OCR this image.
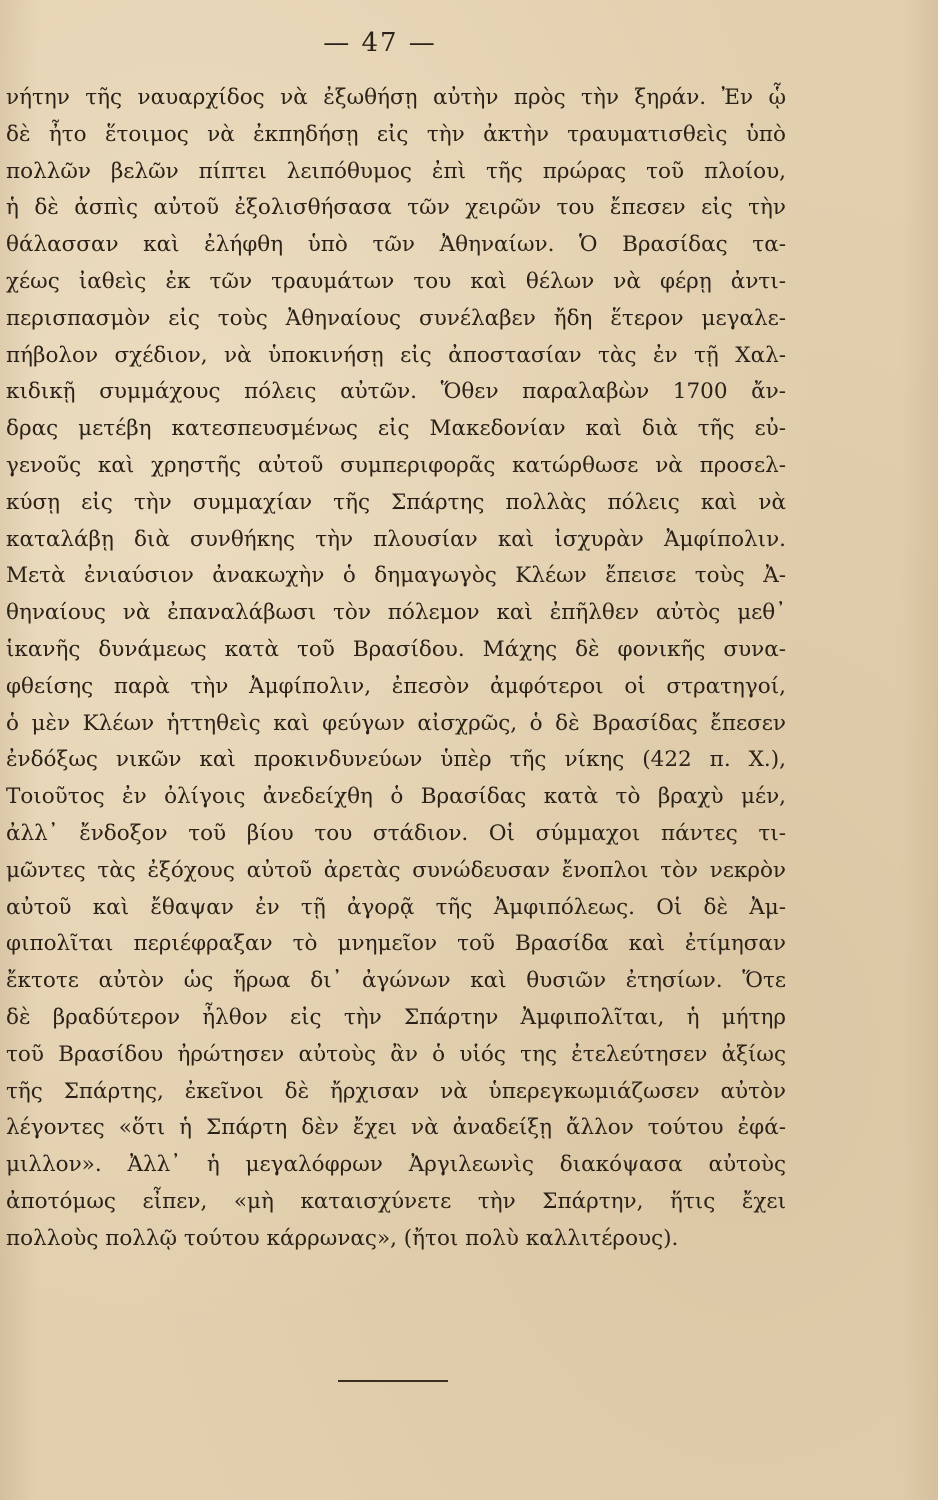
— 47 —
νήτην τῆς ναυαρχίδος νὰ ἐξωθήσῃ αὐτὴν πρὸς τὴν ξηράν. Ἐν ᾧ
δὲ ἦτο ἕτοιμος νὰ ἐκπηδήσῃ εἰς τὴν ἀκτὴν τραυματισθεὶς ὑπὸ
πολλῶν βελῶν πίπτει λειπόθυμος ἐπὶ τῆς πρώρας τοῦ πλοίου,
ἡ δὲ ἀσπὶς αὐτοῦ ἐξολισθήσασα τῶν χειρῶν του ἔπεσεν εἰς τὴν
θάλασσαν καὶ ἐλήφθη ὑπὸ τῶν Ἀθηναίων. Ὁ Βρασίδας τα-
χέως ἰαθεὶς ἐκ τῶν τραυμάτων του καὶ θέλων νὰ φέρῃ ἀντι-
περισπασμὸν εἰς τοὺς Ἀθηναίους συνέλαβεν ἤδη ἕτερον μεγαλε-
πήβολον σχέδιον, νὰ ὑποκινήσῃ εἰς ἀποστασίαν τὰς ἐν τῇ Χαλ-
κιδικῇ συμμάχους πόλεις αὐτῶν. Ὅθεν παραλαβὼν 1700 ἄν-
δρας μετέβη κατεσπευσμένως εἰς Μακεδονίαν καὶ διὰ τῆς εὐ-
γενοῦς καὶ χρηστῆς αὐτοῦ συμπεριφορᾶς κατώρθωσε νὰ προσελ-
κύσῃ εἰς τὴν συμμαχίαν τῆς Σπάρτης πολλὰς πόλεις καὶ νὰ
καταλάβῃ διὰ συνθήκης τὴν πλουσίαν καὶ ἰσχυρὰν Ἀμφίπολιν.
Μετὰ ἐνιαύσιον ἀνακωχὴν ὁ δημαγωγὸς Κλέων ἔπεισε τοὺς Ἀ-
θηναίους νὰ ἐπαναλάβωσι τὸν πόλεμον καὶ ἐπῆλθεν αὐτὸς μεθ᾽
ἱκανῆς δυνάμεως κατὰ τοῦ Βρασίδου. Μάχης δὲ φονικῆς συνα-
φθείσης παρὰ τὴν Ἀμφίπολιν, ἐπεσὸν ἀμφότεροι οἱ στρατηγοί,
ὁ μὲν Κλέων ἡττηθεὶς καὶ φεύγων αἰσχρῶς, ὁ δὲ Βρασίδας ἔπεσεν
ἐνδόξως νικῶν καὶ προκινδυνεύων ὑπὲρ τῆς νίκης (422 π. Χ.),
Τοιοῦτος ἐν ὀλίγοις ἀνεδείχθη ὁ Βρασίδας κατὰ τὸ βραχὺ μέν,
ἀλλ᾽ ἔνδοξον τοῦ βίου του στάδιον. Οἱ σύμμαχοι πάντες τι-
μῶντες τὰς ἐξόχους αὐτοῦ ἀρετὰς συνώδευσαν ἔνοπλοι τὸν νεκρὸν
αὐτοῦ καὶ ἔθαψαν ἐν τῇ ἀγορᾷ τῆς Ἀμφιπόλεως. Οἱ δὲ Ἀμ-
φιπολῖται περιέφραξαν τὸ μνημεῖον τοῦ Βρασίδα καὶ ἐτίμησαν
ἔκτοτε αὐτὸν ὡς ἥρωα δι᾽ ἀγώνων καὶ θυσιῶν ἐτησίων. Ὅτε
δὲ βραδύτερον ἦλθον εἰς τὴν Σπάρτην Ἀμφιπολῖται, ἡ μήτηρ
τοῦ Βρασίδου ἠρώτησεν αὐτοὺς ἂν ὁ υἱός της ἐτελεύτησεν ἀξίως
τῆς Σπάρτης, ἐκεῖνοι δὲ ἤρχισαν νὰ ὑπερεγκωμιάζωσεν αὐτὸν
λέγοντες «ὅτι ἡ Σπάρτη δὲν ἔχει νὰ ἀναδείξῃ ἄλλον τούτου ἐφά-
μιλλον». Ἀλλ᾽ ἡ μεγαλόφρων Ἀργιλεωνὶς διακόψασα αὐτοὺς
ἀποτόμως εἶπεν, «μὴ καταισχύνετε τὴν Σπάρτην, ἥτις ἔχει
πολλοὺς πολλῷ τούτου κάρρωνας», (ἤτοι πολὺ καλλιτέρους).
